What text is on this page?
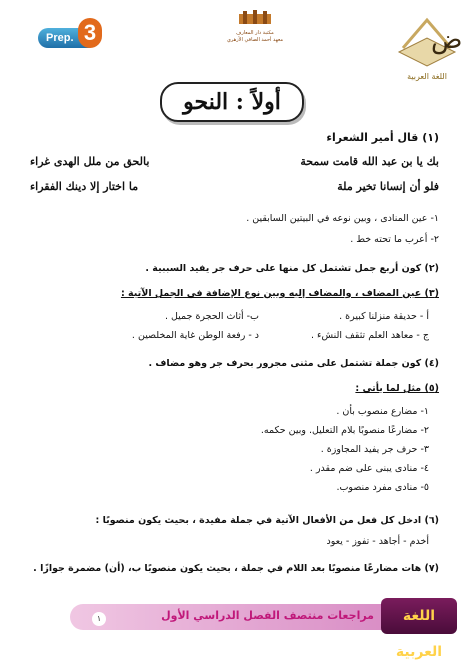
Prep. 3	مكتبة دار المعارف
معهد أحمد الصافي الأزهري	ض
اللغة العربية
أولاً : النحو
(١) قال أمير الشعراء
بك يا بن عبد الله قامت سمحة
بالحق من ملل الهدى غراء
فلو أن إنسانا تخير ملة
ما اختار إلا دينك الفقراء
١- عين المنادى ، وبين نوعه في البيتين السابقين .
٢- أعرب ما تحته خط .
(٢) كون أربع جمل تشتمل كل منها على حرف جر يفيد السببية .
(٣) عين المضاف ، والمضاف إليه وبين نوع الإضافة في الجمل الآتية :
أ - حديقة منزلنا كبيرة .
ب- أثاث الحجرة جميل .
ج - معاهد العلم تثقف النشء .
د - رفعة الوطن غاية المخلصين .
(٤) كون جملة تشتمل على مثنى مجرور بحرف جر وهو مضاف .
(٥) مثل لما يأتي :
١- مضارع منصوب بأن .
٢- مضارعًا منصوبًا بلام التعليل. وبين حكمه.
٣- حرف جر يفيد المجاوزة .
٤- منادى يبنى على ضم مقدر .
٥- منادى مفرد منصوب.
(٦) ادخل كل فعل من الأفعال الآتية في جملة مفيدة ، بحيث يكون منصوبًا :
أخدم - أجاهد - تفوز - يعود
(٧) هات مضارعًا منصوبًا بعد اللام في جملة ، بحيث يكون منصوبًا ب، (أن) مضمرة جوازًا .
مراجعات منتصف الفصل الدراسي الأول
١	اللغة العربية
